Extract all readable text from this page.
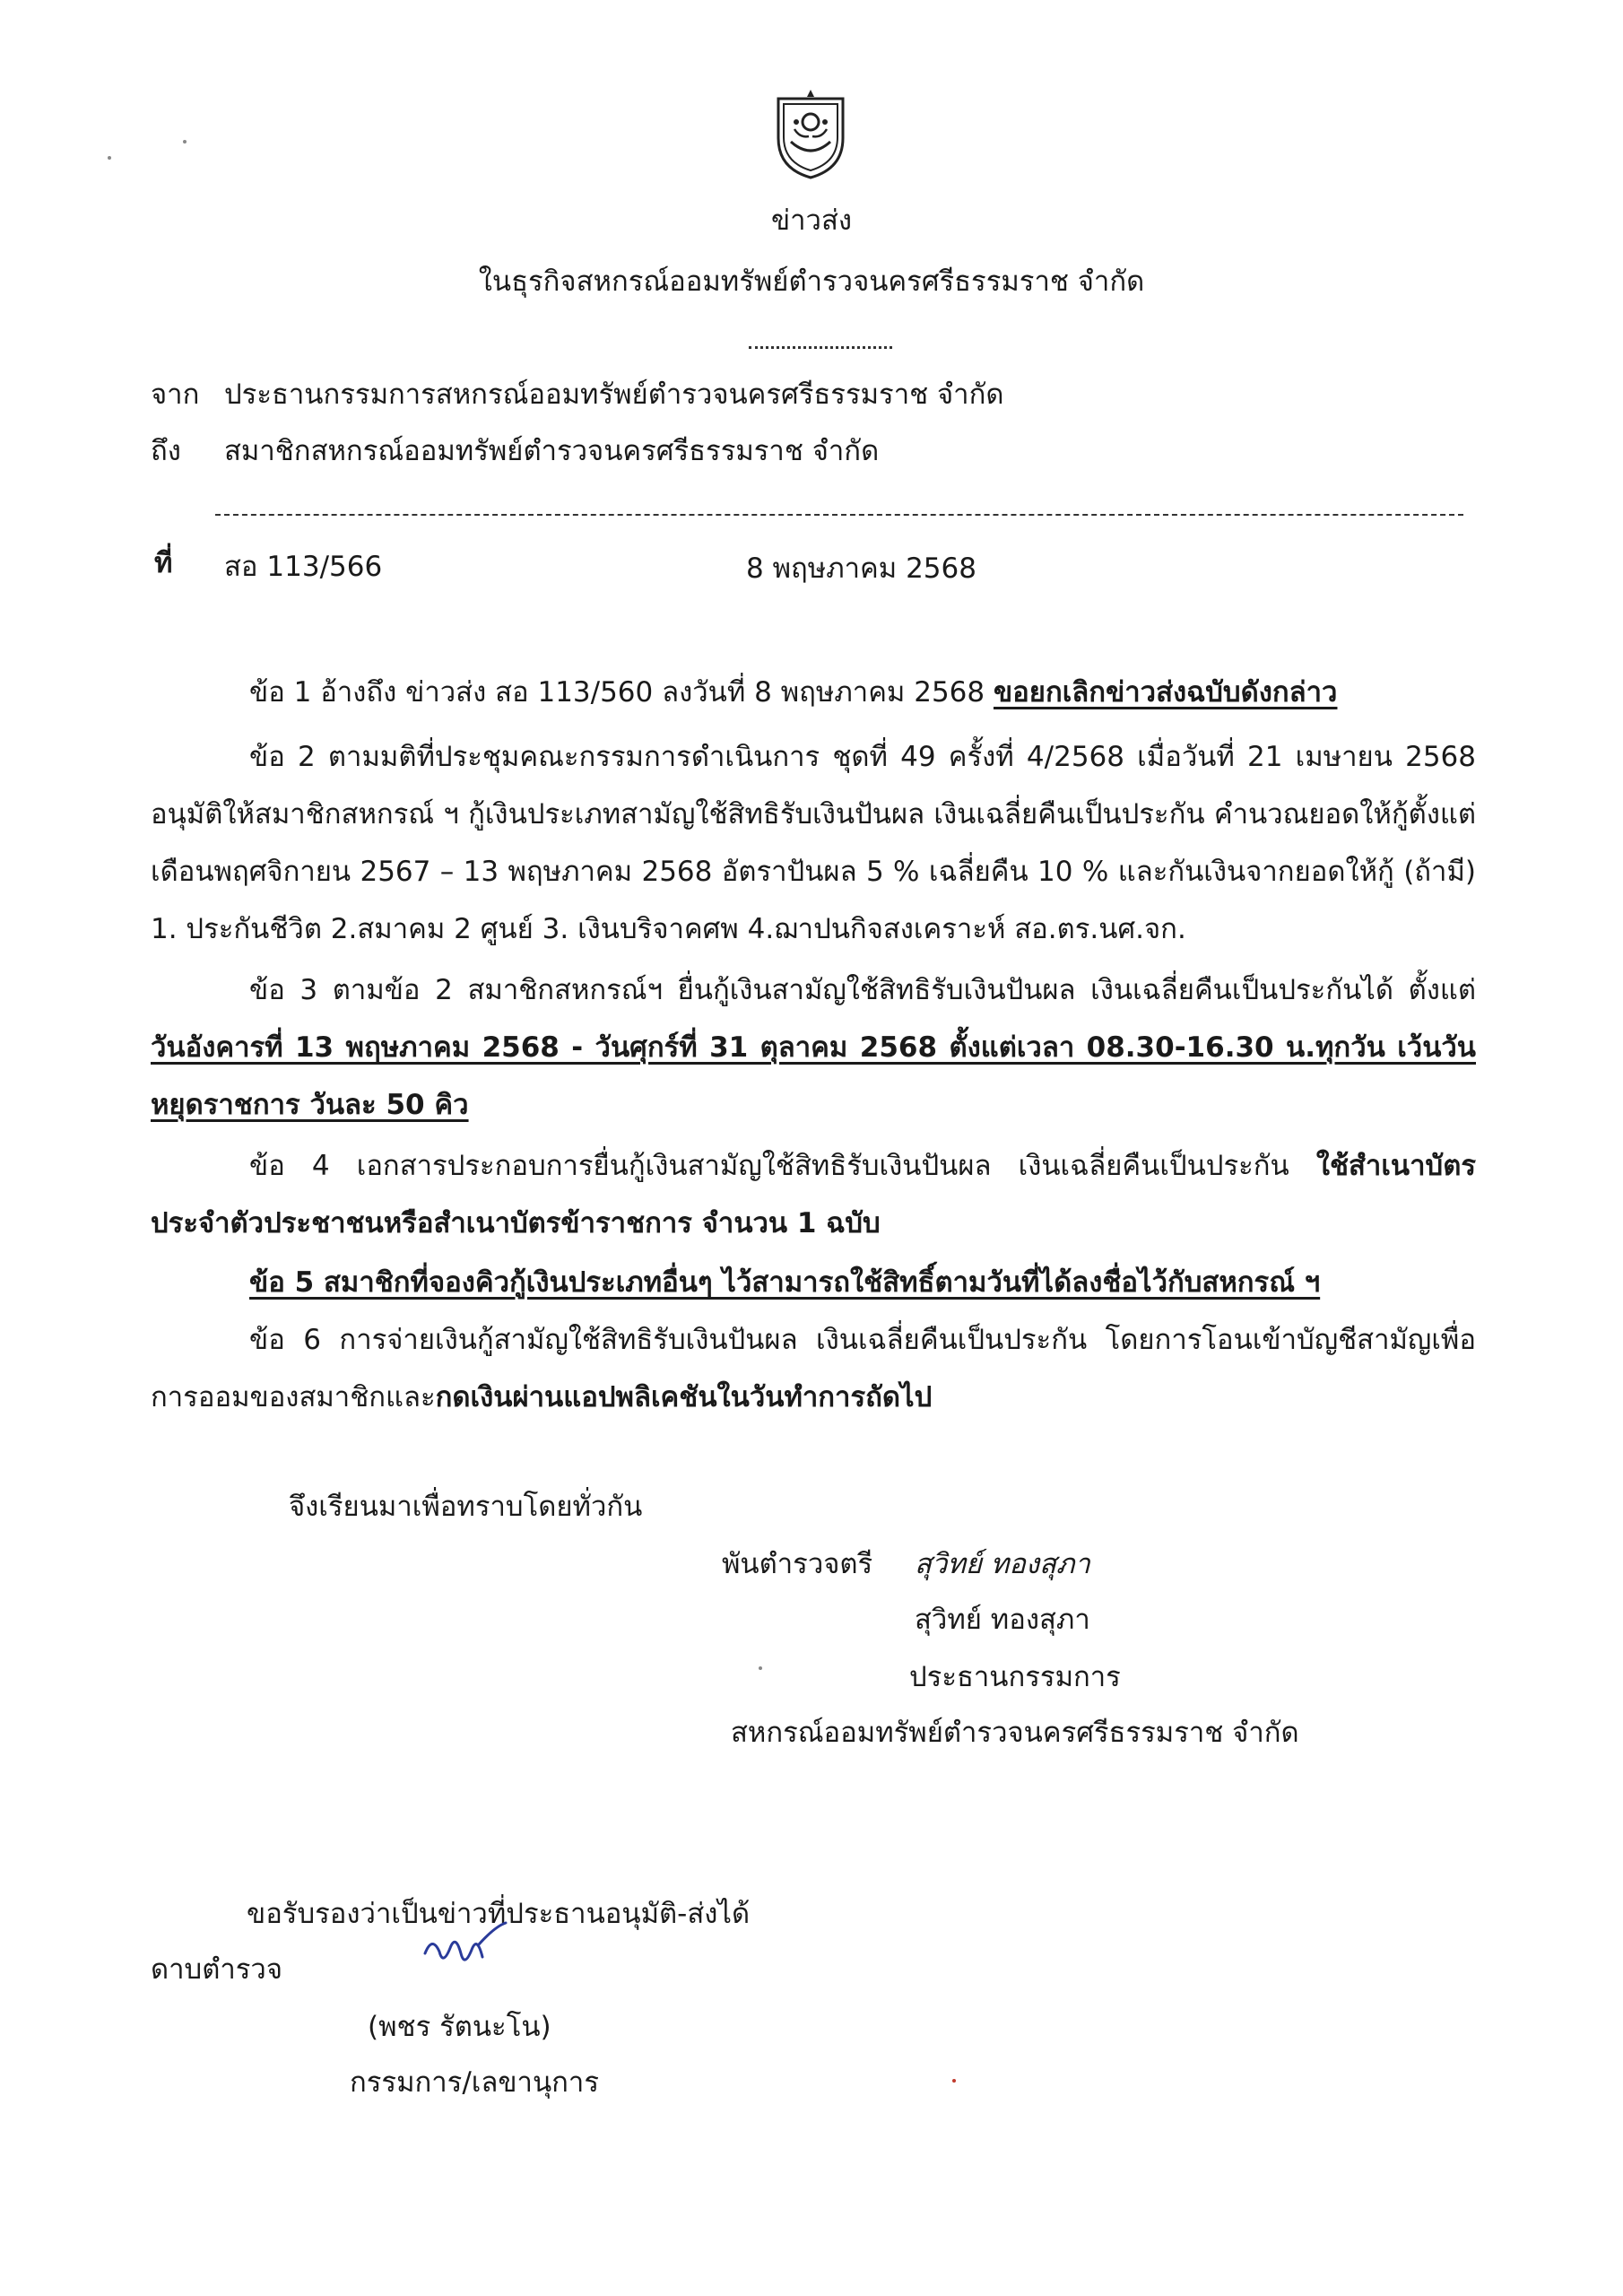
ข่าวส่ง
ในธุรกิจสหกรณ์ออมทรัพย์ตำรวจนครศรีธรรมราช จำกัด
จาก ประธานกรรมการสหกรณ์ออมทรัพย์ตำรวจนครศรีธรรมราช จำกัด
ถึง สมาชิกสหกรณ์ออมทรัพย์ตำรวจนครศรีธรรมราช จำกัด
ที่ สอ 113/566	8 พฤษภาคม 2568
ข้อ 1 อ้างถึง ข่าวส่ง สอ 113/560 ลงวันที่ 8 พฤษภาคม 2568 ขอยกเลิกข่าวส่งฉบับดังกล่าว
ข้อ 2 ตามมติที่ประชุมคณะกรรมการดำเนินการ ชุดที่ 49 ครั้งที่ 4/2568 เมื่อวันที่ 21 เมษายน 2568 อนุมัติให้สมาชิกสหกรณ์ ฯ กู้เงินประเภทสามัญใช้สิทธิรับเงินปันผล เงินเฉลี่ยคืนเป็นประกัน คำนวณยอดให้กู้ตั้งแต่ เดือนพฤศจิกายน 2567 – 13 พฤษภาคม 2568 อัตราปันผล 5 % เฉลี่ยคืน 10 % และกันเงินจากยอดให้กู้ (ถ้ามี) 1. ประกันชีวิต 2.สมาคม 2 ศูนย์ 3. เงินบริจาคศพ 4.ฌาปนกิจสงเคราะห์ สอ.ตร.นศ.จก.
ข้อ 3 ตามข้อ 2 สมาชิกสหกรณ์ฯ ยื่นกู้เงินสามัญใช้สิทธิรับเงินปันผล เงินเฉลี่ยคืนเป็นประกันได้ ตั้งแต่ วันอังคารที่ 13 พฤษภาคม 2568 - วันศุกร์ที่ 31 ตุลาคม 2568 ตั้งแต่เวลา 08.30-16.30 น.ทุกวัน เว้นวันหยุดราชการ วันละ 50 คิว
ข้อ 4 เอกสารประกอบการยื่นกู้เงินสามัญใช้สิทธิรับเงินปันผล เงินเฉลี่ยคืนเป็นประกัน ใช้สำเนาบัตรประจำตัวประชาชนหรือสำเนาบัตรข้าราชการ จำนวน 1 ฉบับ
ข้อ 5 สมาชิกที่จองคิวกู้เงินประเภทอื่นๆ ไว้สามารถใช้สิทธิ์ตามวันที่ได้ลงชื่อไว้กับสหกรณ์ ฯ
ข้อ 6 การจ่ายเงินกู้สามัญใช้สิทธิรับเงินปันผล เงินเฉลี่ยคืนเป็นประกัน โดยการโอนเข้าบัญชีสามัญเพื่อการออมของสมาชิกและกดเงินผ่านแอปพลิเคชันในวันทำการถัดไป
จึงเรียนมาเพื่อทราบโดยทั่วกัน
พันตำรวจตรี สุวิทย์ ทองสุภา
สุวิทย์ ทองสุภา
ประธานกรรมการ
สหกรณ์ออมทรัพย์ตำรวจนครศรีธรรมราช จำกัด
ขอรับรองว่าเป็นข่าวที่ประธานอนุมัติ-ส่งได้
ดาบตำรวจ
(พชร รัตนะโน)
กรรมการ/เลขานุการ
